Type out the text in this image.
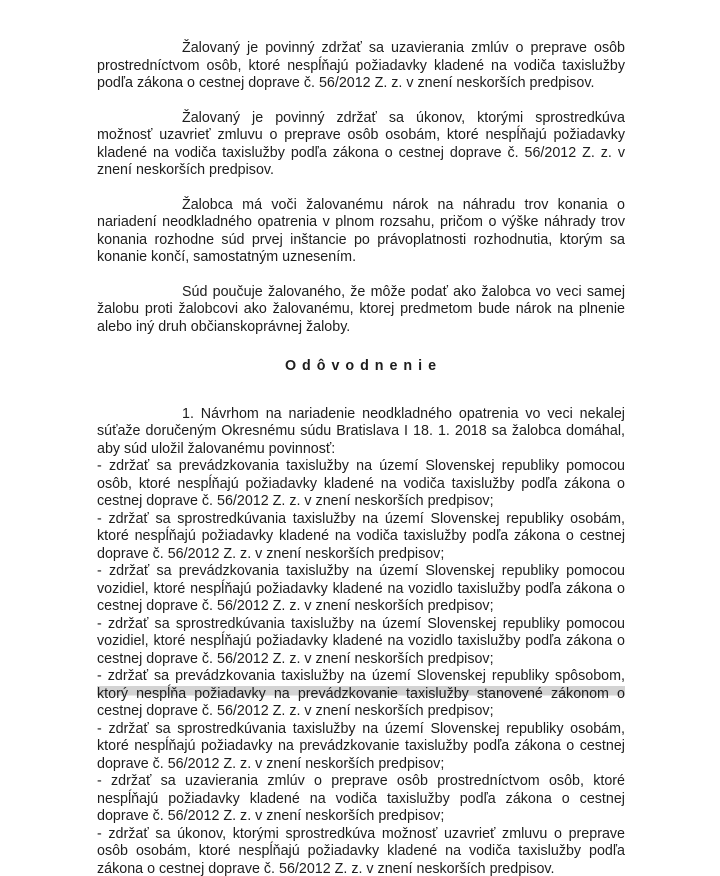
Žalovaný je povinný zdržať sa uzavierania zmlúv o preprave osôb prostredníctvom osôb, ktoré nespĺňajú požiadavky kladené na vodiča taxislužby podľa zákona o cestnej doprave č. 56/2012 Z. z. v znení neskorších predpisov.

Žalovaný je povinný zdržať sa úkonov, ktorými sprostredkúva možnosť uzavrieť zmluvu o preprave osôb osobám, ktoré nespĺňajú požiadavky kladené na vodiča taxislužby podľa zákona o cestnej doprave č. 56/2012 Z. z. v znení neskorších predpisov.

Žalobca má voči žalovanému nárok na náhradu trov konania o nariadení neodkladného opatrenia v plnom rozsahu, pričom o výške náhrady trov konania rozhodne súd prvej inštancie po právoplatnosti rozhodnutia, ktorým sa konanie končí, samostatným uznesením.

Súd poučuje žalovaného, že môže podať ako žalobca vo veci samej žalobu proti žalobcovi ako žalovanému, ktorej predmetom bude nárok na plnenie alebo iný druh občianskoprávnej žaloby.

O d ô v o d n e n i e

1. Návrhom na nariadenie neodkladného opatrenia vo veci nekalej súťaže doručeným Okresnému súdu Bratislava I 18. 1. 2018 sa žalobca domáhal, aby súd uložil žalovanému povinnosť:

- zdržať sa prevádzkovania taxislužby na území Slovenskej republiky pomocou osôb, ktoré nespĺňajú požiadavky kladené na vodiča taxislužby podľa zákona o cestnej doprave č. 56/2012 Z. z. v znení neskorších predpisov;

- zdržať sa sprostredkúvania taxislužby na území Slovenskej republiky osobám, ktoré nespĺňajú požiadavky kladené na vodiča taxislužby podľa zákona o cestnej doprave č. 56/2012 Z. z. v znení neskorších predpisov;

- zdržať sa prevádzkovania taxislužby na území Slovenskej republiky pomocou vozidiel, ktoré nespĺňajú požiadavky kladené na vozidlo taxislužby podľa zákona o cestnej doprave č. 56/2012 Z. z. v znení neskorších predpisov;

- zdržať sa sprostredkúvania taxislužby na území Slovenskej republiky pomocou vozidiel, ktoré nespĺňajú požiadavky kladené na vozidlo taxislužby podľa zákona o cestnej doprave č. 56/2012 Z. z. v znení neskorších predpisov;

- zdržať sa prevádzkovania taxislužby na území Slovenskej republiky spôsobom, ktorý nespĺňa požiadavky na prevádzkovanie taxislužby stanovené zákonom o cestnej doprave č. 56/2012 Z. z. v znení neskorších predpisov;

- zdržať sa sprostredkúvania taxislužby na území Slovenskej republiky osobám, ktoré nespĺňajú požiadavky na prevádzkovanie taxislužby podľa zákona o cestnej doprave č. 56/2012 Z. z. v znení neskorších predpisov;

- zdržať sa uzavierania zmlúv o preprave osôb prostredníctvom osôb, ktoré nespĺňajú požiadavky kladené na vodiča taxislužby podľa zákona o cestnej doprave č. 56/2012 Z. z. v znení neskorších predpisov;

- zdržať sa úkonov, ktorými sprostredkúva možnosť uzavrieť zmluvu o preprave osôb osobám, ktoré nespĺňajú požiadavky kladené na vodiča taxislužby podľa zákona o cestnej doprave č. 56/2012 Z. z. v znení neskorších predpisov.
